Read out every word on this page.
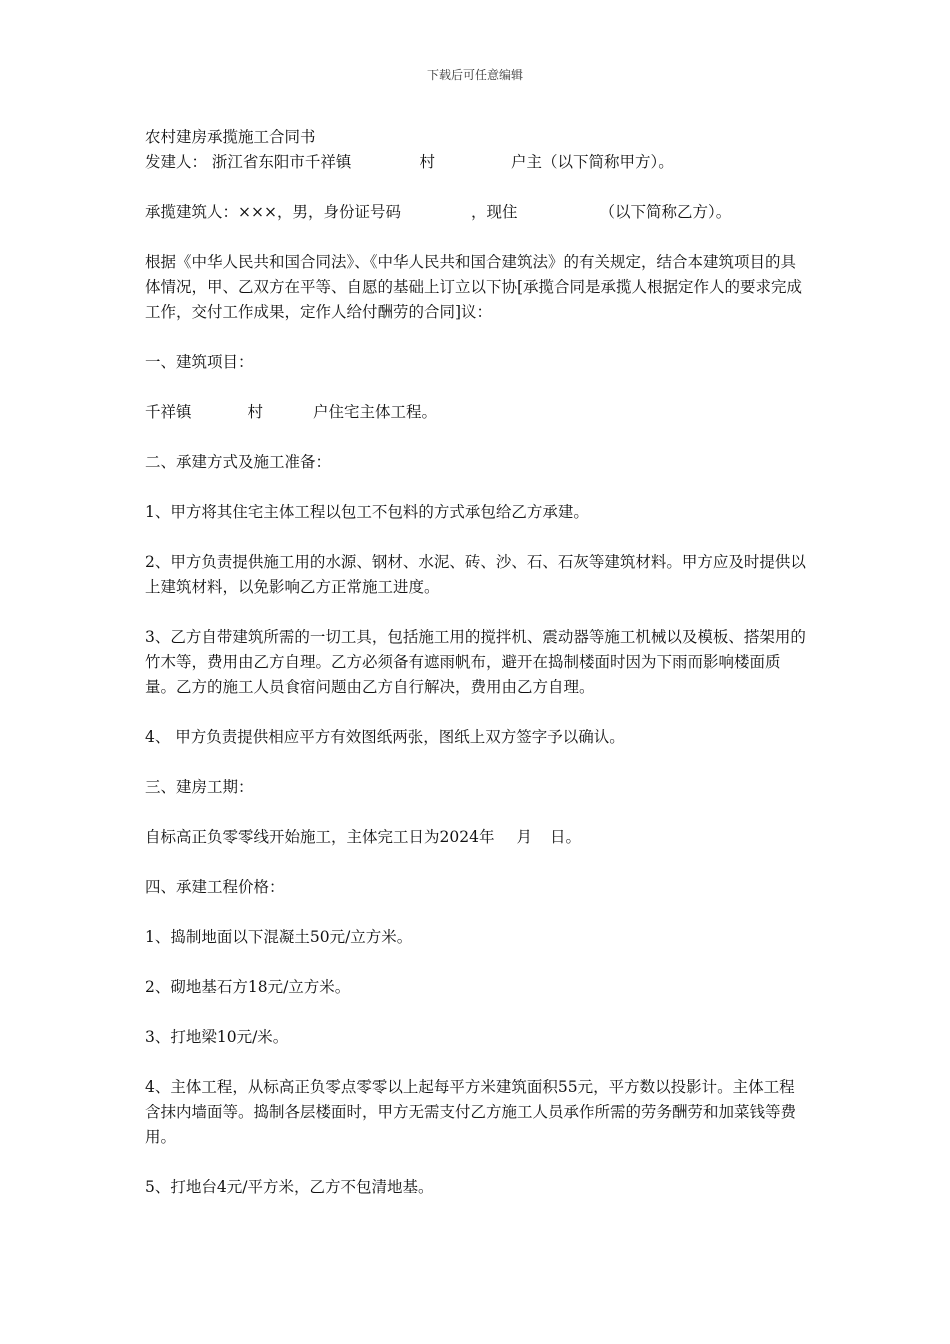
下载后可任意编辑

农村建房承揽施工合同书

发建人： 浙江省东阳市千祥镇	村	户主（以下简称甲方）。

承揽建筑人：×××，男，身份证号码	，现住	（以下简称乙方）。

根据《中华人民共和国合同法》、《中华人民共和国合建筑法》的有关规定，结合本建筑项目的具体情况，甲、乙双方在平等、自愿的基础上订立以下协[承揽合同是承揽人根据定作人的要求完成工作，交付工作成果，定作人给付酬劳的合同]议：

一、建筑项目：

千祥镇	村	户住宅主体工程。

二、承建方式及施工准备：

1、甲方将其住宅主体工程以包工不包料的方式承包给乙方承建。

2、甲方负责提供施工用的水源、钢材、水泥、砖、沙、石、石灰等建筑材料。甲方应及时提供以上建筑材料，以免影响乙方正常施工进度。

3、乙方自带建筑所需的一切工具，包括施工用的搅拌机、震动器等施工机械以及模板、搭架用的竹木等，费用由乙方自理。乙方必须备有遮雨帆布，避开在捣制楼面时因为下雨而影响楼面质量。乙方的施工人员食宿问题由乙方自行解决，费用由乙方自理。

4、 甲方负责提供相应平方有效图纸两张，图纸上双方签字予以确认。

三、建房工期：

自标高正负零零线开始施工，主体完工日为2024年 月 日。

四、承建工程价格：

1、捣制地面以下混凝土50元/立方米。

2、砌地基石方18元/立方米。

3、打地梁10元/米。

4、主体工程，从标高正负零点零零以上起每平方米建筑面积55元，平方数以投影计。主体工程含抹内墙面等。捣制各层楼面时，甲方无需支付乙方施工人员承作所需的劳务酬劳和加菜钱等费用。

5、打地台4元/平方米，乙方不包清地基。
